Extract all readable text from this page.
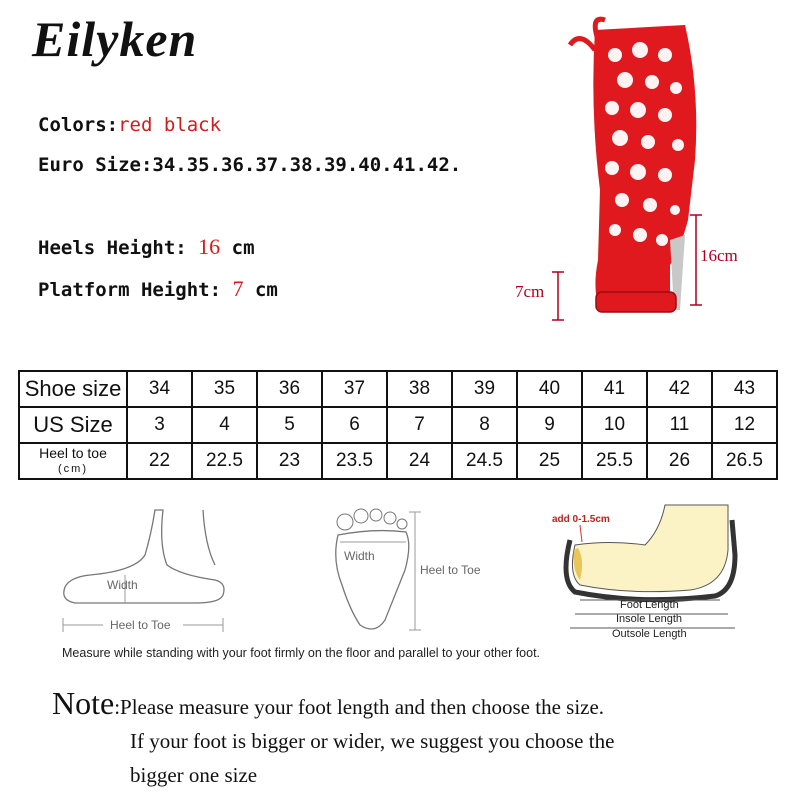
Eilyken
Colors:red black
Euro Size:34.35.36.37.38.39.40.41.42.
Heels Height: 16 cm
Platform Height: 7 cm
16cm
7cm
Shoe size	34	35	36	37	38	39	40	41	42	43
US Size	3	4	5	6	7	8	9	10	11	12
Heel to toe
(cm)	22	22.5	23	23.5	24	24.5	25	25.5	26	26.5
Width
Heel to Toe
Width
Heel to Toe
add 0-1.5cm
Foot Length
Insole Length
Outsole Length
Measure while standing with your foot firmly on the floor and parallel to your other foot.
Note:Please measure your foot length and then choose the size.
If your foot is bigger or wider, we suggest you choose the
bigger one size
